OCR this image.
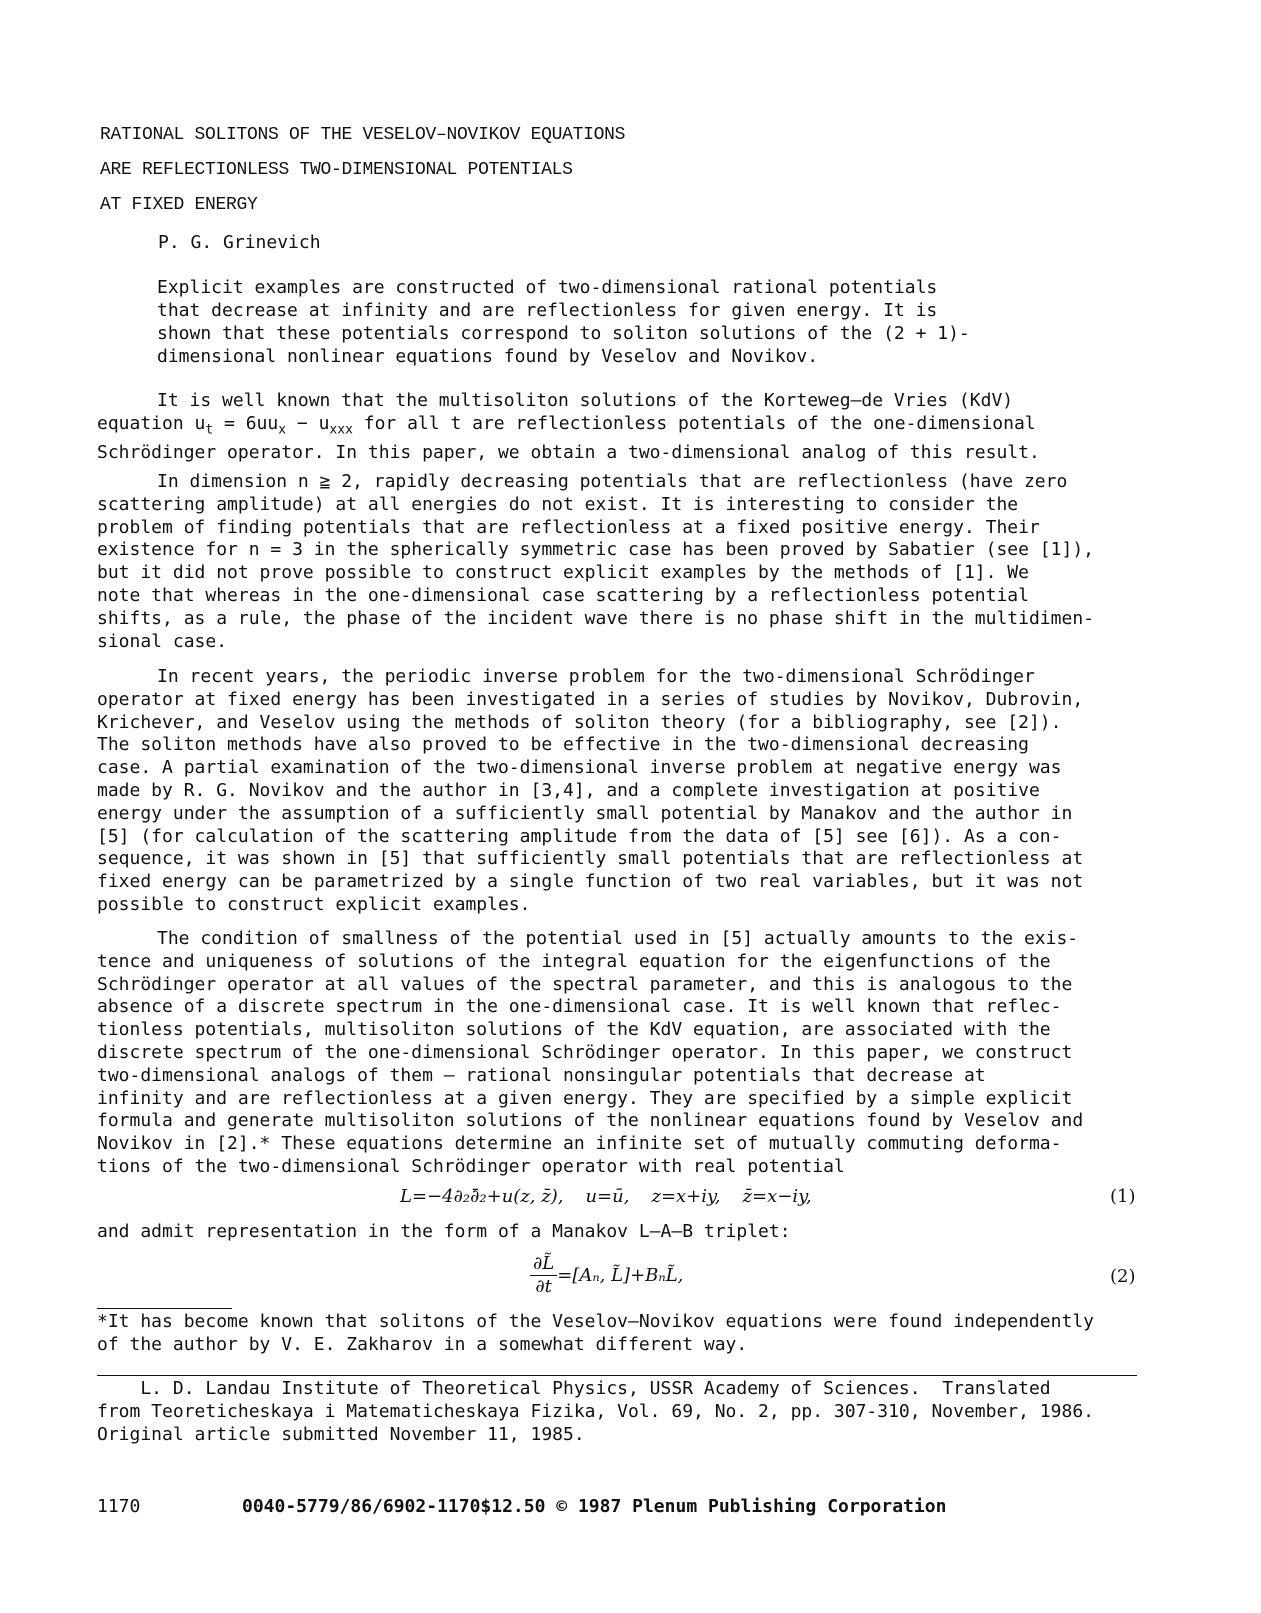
RATIONAL SOLITONS OF THE VESELOV–NOVIKOV EQUATIONS
ARE REFLECTIONLESS TWO-DIMENSIONAL POTENTIALS
AT FIXED ENERGY
P. G. Grinevich
Explicit examples are constructed of two-dimensional rational potentials
that decrease at infinity and are reflectionless for given energy. It is
shown that these potentials correspond to soliton solutions of the (2 + 1)-
dimensional nonlinear equations found by Veselov and Novikov.
It is well known that the multisoliton solutions of the Korteweg–de Vries (KdV)
equation $u_t = 6uu_x - u_{xxx}$ for all t are reflectionless potentials of the one-dimensional
Schrödinger operator. In this paper, we obtain a two-dimensional analog of this result.
In dimension n ≧ 2, rapidly decreasing potentials that are reflectionless (have zero
scattering amplitude) at all energies do not exist. It is interesting to consider the
problem of finding potentials that are reflectionless at a fixed positive energy. Their
existence for n = 3 in the spherically symmetric case has been proved by Sabatier (see [1]),
but it did not prove possible to construct explicit examples by the methods of [1]. We
note that whereas in the one-dimensional case scattering by a reflectionless potential
shifts, as a rule, the phase of the incident wave there is no phase shift in the multidimen-
sional case.
In recent years, the periodic inverse problem for the two-dimensional Schrödinger
operator at fixed energy has been investigated in a series of studies by Novikov, Dubrovin,
Krichever, and Veselov using the methods of soliton theory (for a bibliography, see [2]).
The soliton methods have also proved to be effective in the two-dimensional decreasing
case. A partial examination of the two-dimensional inverse problem at negative energy was
made by R. G. Novikov and the author in [3,4], and a complete investigation at positive
energy under the assumption of a sufficiently small potential by Manakov and the author in
[5] (for calculation of the scattering amplitude from the data of [5] see [6]). As a con-
sequence, it was shown in [5] that sufficiently small potentials that are reflectionless at
fixed energy can be parametrized by a single function of two real variables, but it was not
possible to construct explicit examples.
The condition of smallness of the potential used in [5] actually amounts to the exis-
tence and uniqueness of solutions of the integral equation for the eigenfunctions of the
Schrödinger operator at all values of the spectral parameter, and this is analogous to the
absence of a discrete spectrum in the one-dimensional case. It is well known that reflec-
tionless potentials, multisoliton solutions of the KdV equation, are associated with the
discrete spectrum of the one-dimensional Schrödinger operator. In this paper, we construct
two-dimensional analogs of them — rational nonsingular potentials that decrease at
infinity and are reflectionless at a given energy. They are specified by a simple explicit
formula and generate multisoliton solutions of the nonlinear equations found by Veselov and
Novikov in [2].* These equations determine an infinite set of mutually commuting deforma-
tions of the two-dimensional Schrödinger operator with real potential
L=−4∂₂∂̄₂+u(z, z̄), u=ū, z=x+iy, z̄=x−iy,	(1)
and admit representation in the form of a Manakov L–A–B triplet:
$\frac{\partial L̃}{\partial t} =[A_n$, L̃]+BₙL̃,	(2)
*It has become known that solitons of the Veselov–Novikov equations were found independently
of the author by V. E. Zakharov in a somewhat different way.
L. D. Landau Institute of Theoretical Physics, USSR Academy of Sciences.  Translated
from Teoreticheskaya i Matematicheskaya Fizika, Vol. 69, No. 2, pp. 307-310, November, 1986.
Original article submitted November 11, 1985.
1170	0040-5779/86/6902-1170$12.50 © 1987 Plenum Publishing Corporation
